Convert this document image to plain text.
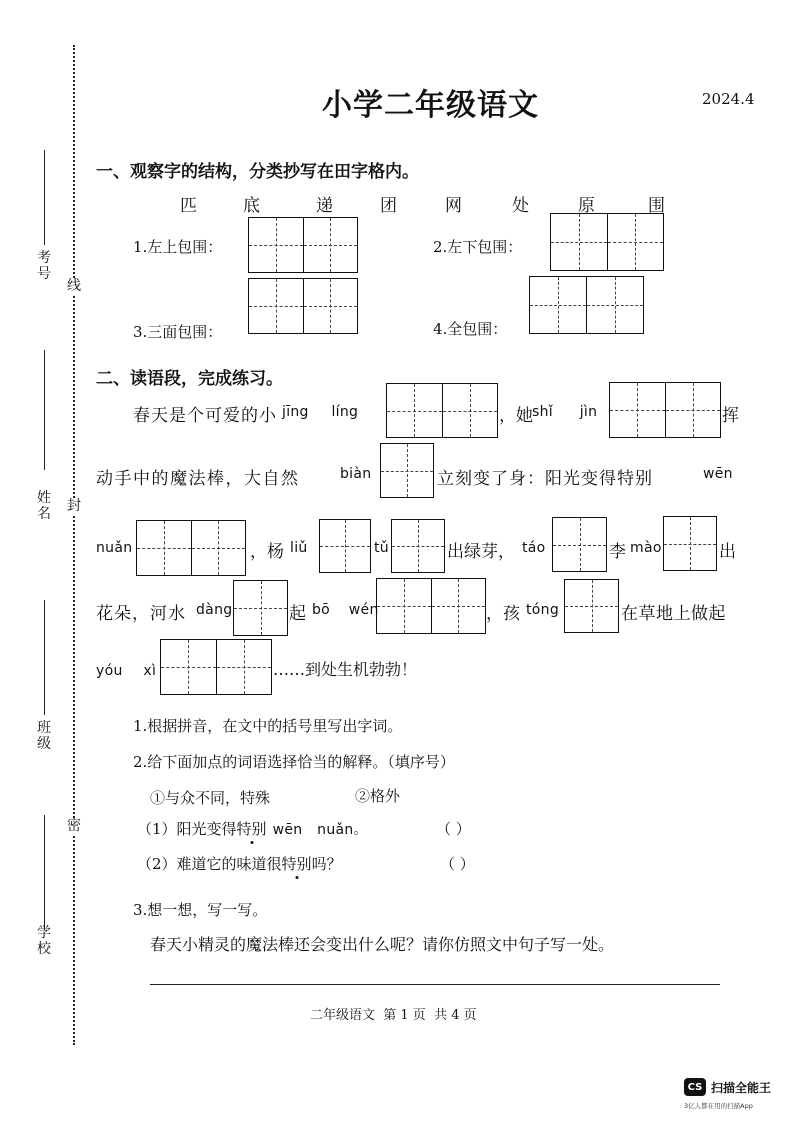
考号
姓名
班级
学校
线
封
密
小学二年级语文	2024.4
一、观察字的结构，分类抄写在田字格内。
匹	底	递	团	网	处	原	围
1.左上包围：	2.左下包围：
3.三面包围：	4.全包围：
二、读语段，完成练习。
春天是个可爱的小 jīng líng	，她 shǐ jìn	挥
动手中的魔法棒，大自然	biàn	立刻变了身：阳光变得特别	wēn
nuǎn	，杨 liǔ	tǔ	出绿芽， táo	李 mào	出
花朵，河水 dàng	起 bō wén	，孩 tóng	在草地上做起
yóu xì	……到处生机勃勃！
1.根据拼音，在文中的括号里写出字词。
2.给下面加点的词语选择恰当的解释。（填序号）
①与众不同，特殊	②格外
（1）阳光变得特别 wēn nuǎn。	（ ）
（2）难道它的味道很特别吗？	（ ）
3.想一想，写一写。
春天小精灵的魔法棒还会变出什么呢？请你仿照文中句子写一处。
二年级语文  第 1 页  共 4 页
CS 扫描全能王
3亿人都在用的扫描App
